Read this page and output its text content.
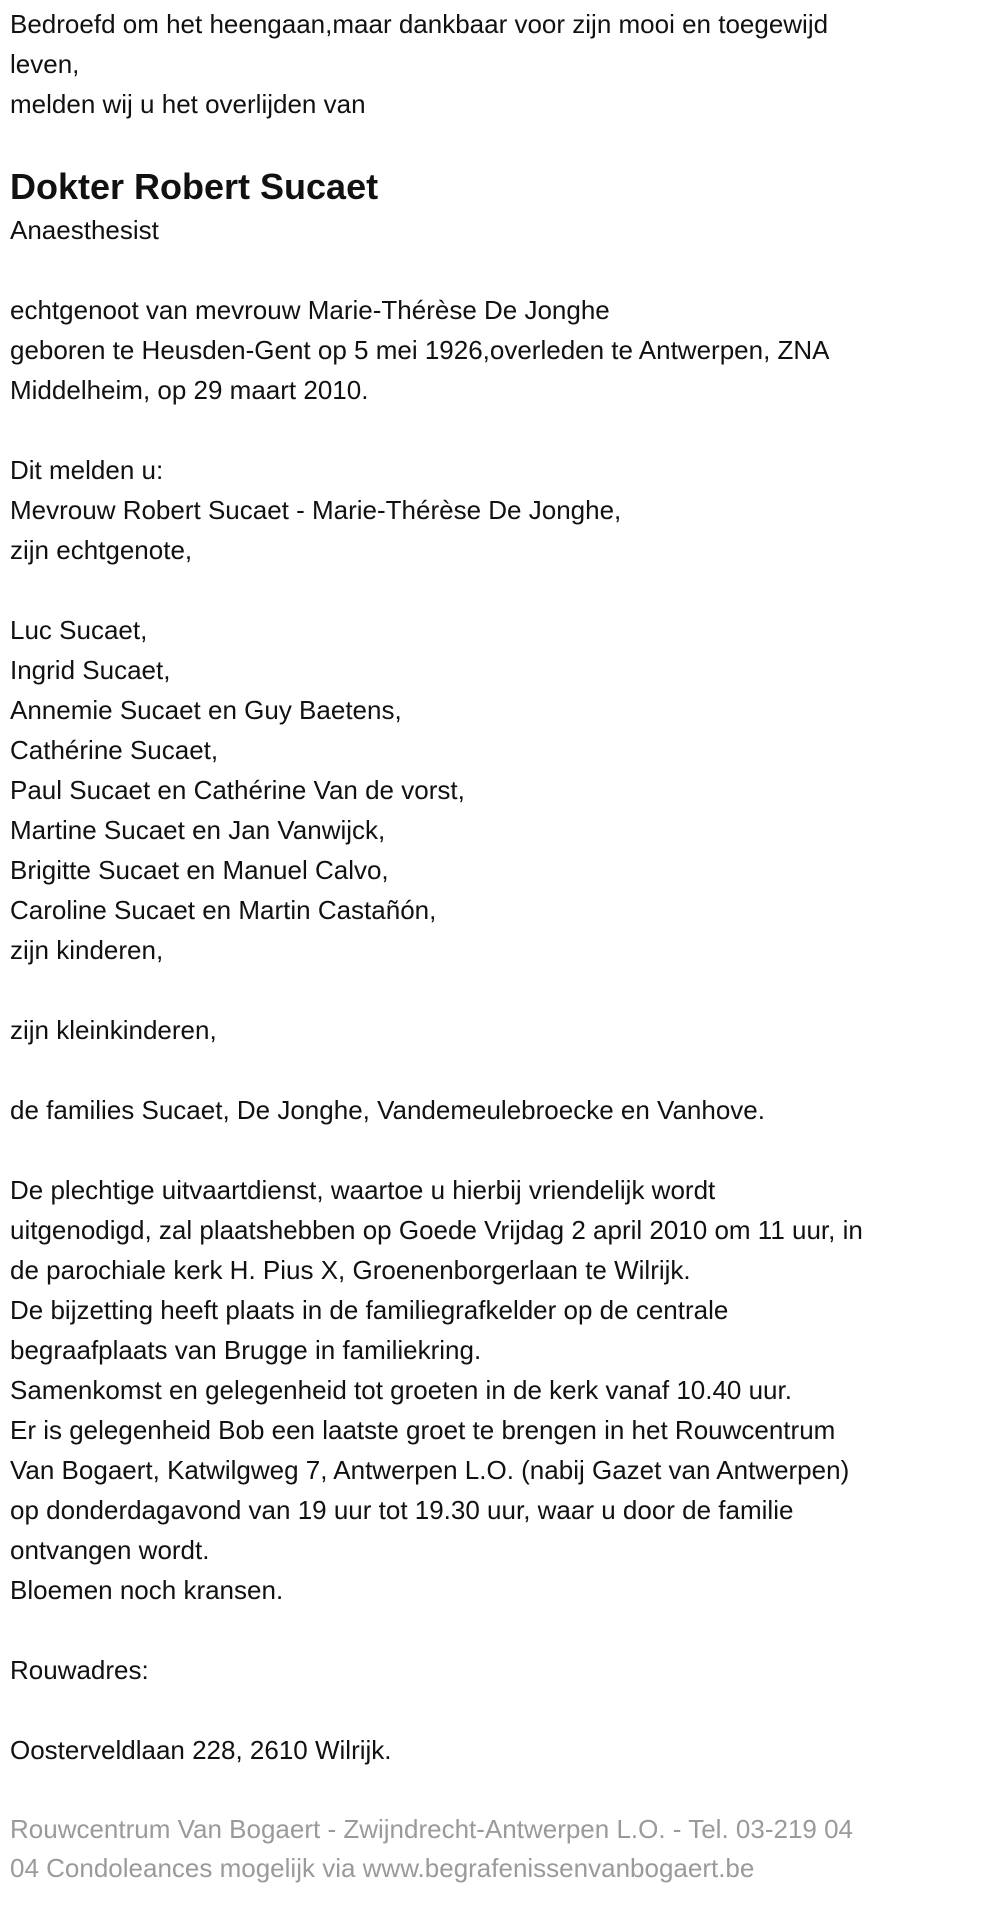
Bedroefd om het heengaan,maar dankbaar voor zijn mooi en toegewijd
leven,
melden wij u het overlijden van
Dokter Robert Sucaet
Anaesthesist
echtgenoot van mevrouw Marie-Thérèse De Jonghe
geboren te Heusden-Gent op 5 mei 1926,overleden te Antwerpen, ZNA
Middelheim, op 29 maart 2010.
Dit melden u:
Mevrouw Robert Sucaet - Marie-Thérèse De Jonghe,
zijn echtgenote,
Luc Sucaet,
Ingrid Sucaet,
Annemie Sucaet en Guy Baetens,
Cathérine Sucaet,
Paul Sucaet en Cathérine Van de vorst,
Martine Sucaet en Jan Vanwijck,
Brigitte Sucaet en Manuel Calvo,
Caroline Sucaet en Martin Castañón,
zijn kinderen,
zijn kleinkinderen,
de families Sucaet, De Jonghe, Vandemeulebroecke en Vanhove.
De plechtige uitvaartdienst, waartoe u hierbij vriendelijk wordt
uitgenodigd, zal plaatshebben op Goede Vrijdag 2 april 2010 om 11 uur, in
de parochiale kerk H. Pius X, Groenenborgerlaan te Wilrijk.
De bijzetting heeft plaats in de familiegrafkelder op de centrale
begraafplaats van Brugge in familiekring.
Samenkomst en gelegenheid tot groeten in de kerk vanaf 10.40 uur.
Er is gelegenheid Bob een laatste groet te brengen in het Rouwcentrum
Van Bogaert, Katwilgweg 7, Antwerpen L.O. (nabij Gazet van Antwerpen)
op donderdagavond van 19 uur tot 19.30 uur, waar u door de familie
ontvangen wordt.
Bloemen noch kransen.
Rouwadres:
Oosterveldlaan 228, 2610 Wilrijk.
Rouwcentrum Van Bogaert - Zwijndrecht-Antwerpen L.O. - Tel. 03-219 04
04 Condoleances mogelijk via www.begrafenissenvanbogaert.be
